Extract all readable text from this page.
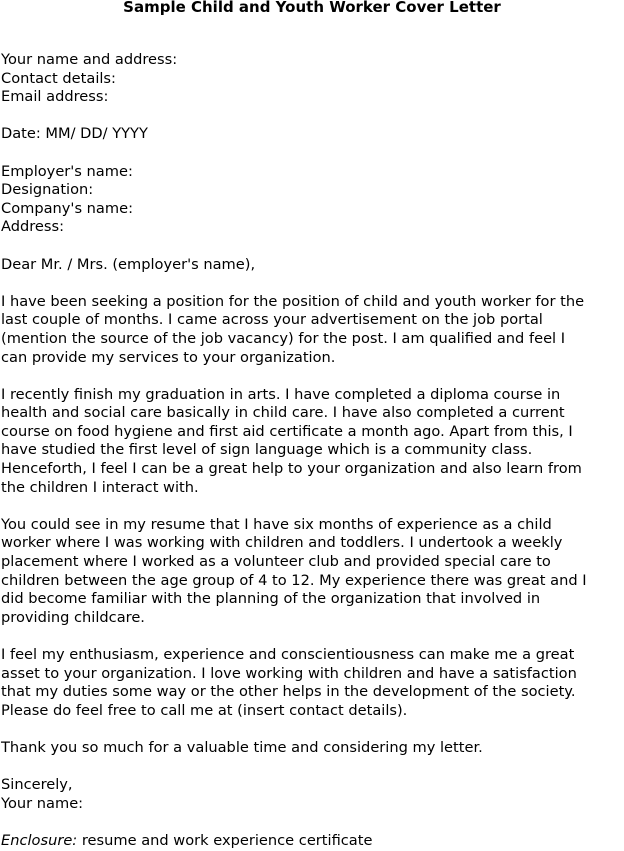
Sample Child and Youth Worker Cover Letter
Your name and address:
Contact details:
Email address:
Date: MM/ DD/ YYYY
Employer's name:
Designation:
Company's name:
Address:
Dear Mr. / Mrs. (employer's name),
I have been seeking a position for the position of child and youth worker for the
last couple of months. I came across your advertisement on the job portal
(mention the source of the job vacancy) for the post. I am qualified and feel I
can provide my services to your organization.
I recently finish my graduation in arts. I have completed a diploma course in
health and social care basically in child care. I have also completed a current
course on food hygiene and first aid certificate a month ago. Apart from this, I
have studied the first level of sign language which is a community class.
Henceforth, I feel I can be a great help to your organization and also learn from
the children I interact with.
You could see in my resume that I have six months of experience as a child
worker where I was working with children and toddlers. I undertook a weekly
placement where I worked as a volunteer club and provided special care to
children between the age group of 4 to 12. My experience there was great and I
did become familiar with the planning of the organization that involved in
providing childcare.
I feel my enthusiasm, experience and conscientiousness can make me a great
asset to your organization. I love working with children and have a satisfaction
that my duties some way or the other helps in the development of the society.
Please do feel free to call me at (insert contact details).
Thank you so much for a valuable time and considering my letter.
Sincerely,
Your name:
Enclosure: resume and work experience certificate
